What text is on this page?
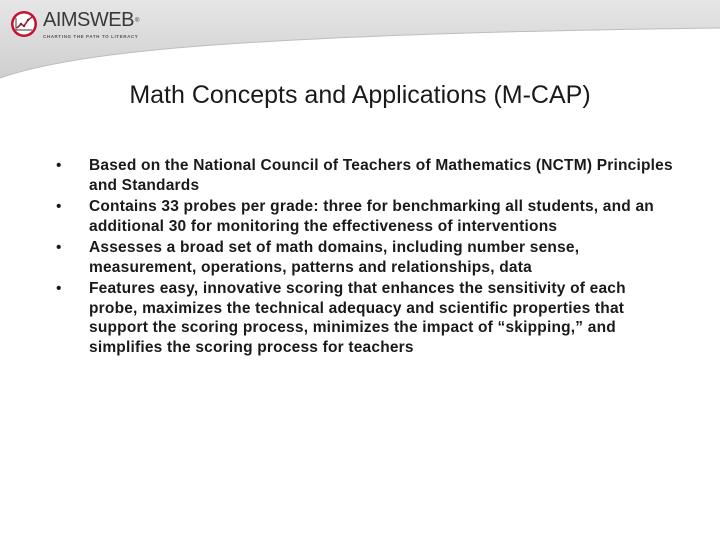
AIMSWEB®
CHARTING THE PATH TO LITERACY
Math Concepts and Applications (M-CAP)
• Based on the National Council of Teachers of Mathematics (NCTM) Principles and Standards
• Contains 33 probes per grade: three for benchmarking all students, and an additional 30 for monitoring the effectiveness of interventions
• Assesses a broad set of math domains, including number sense, measurement, operations, patterns and relationships, data
• Features easy, innovative scoring that enhances the sensitivity of each probe, maximizes the technical adequacy and scientific properties that support the scoring process, minimizes the impact of “skipping,” and simplifies the scoring process for teachers
